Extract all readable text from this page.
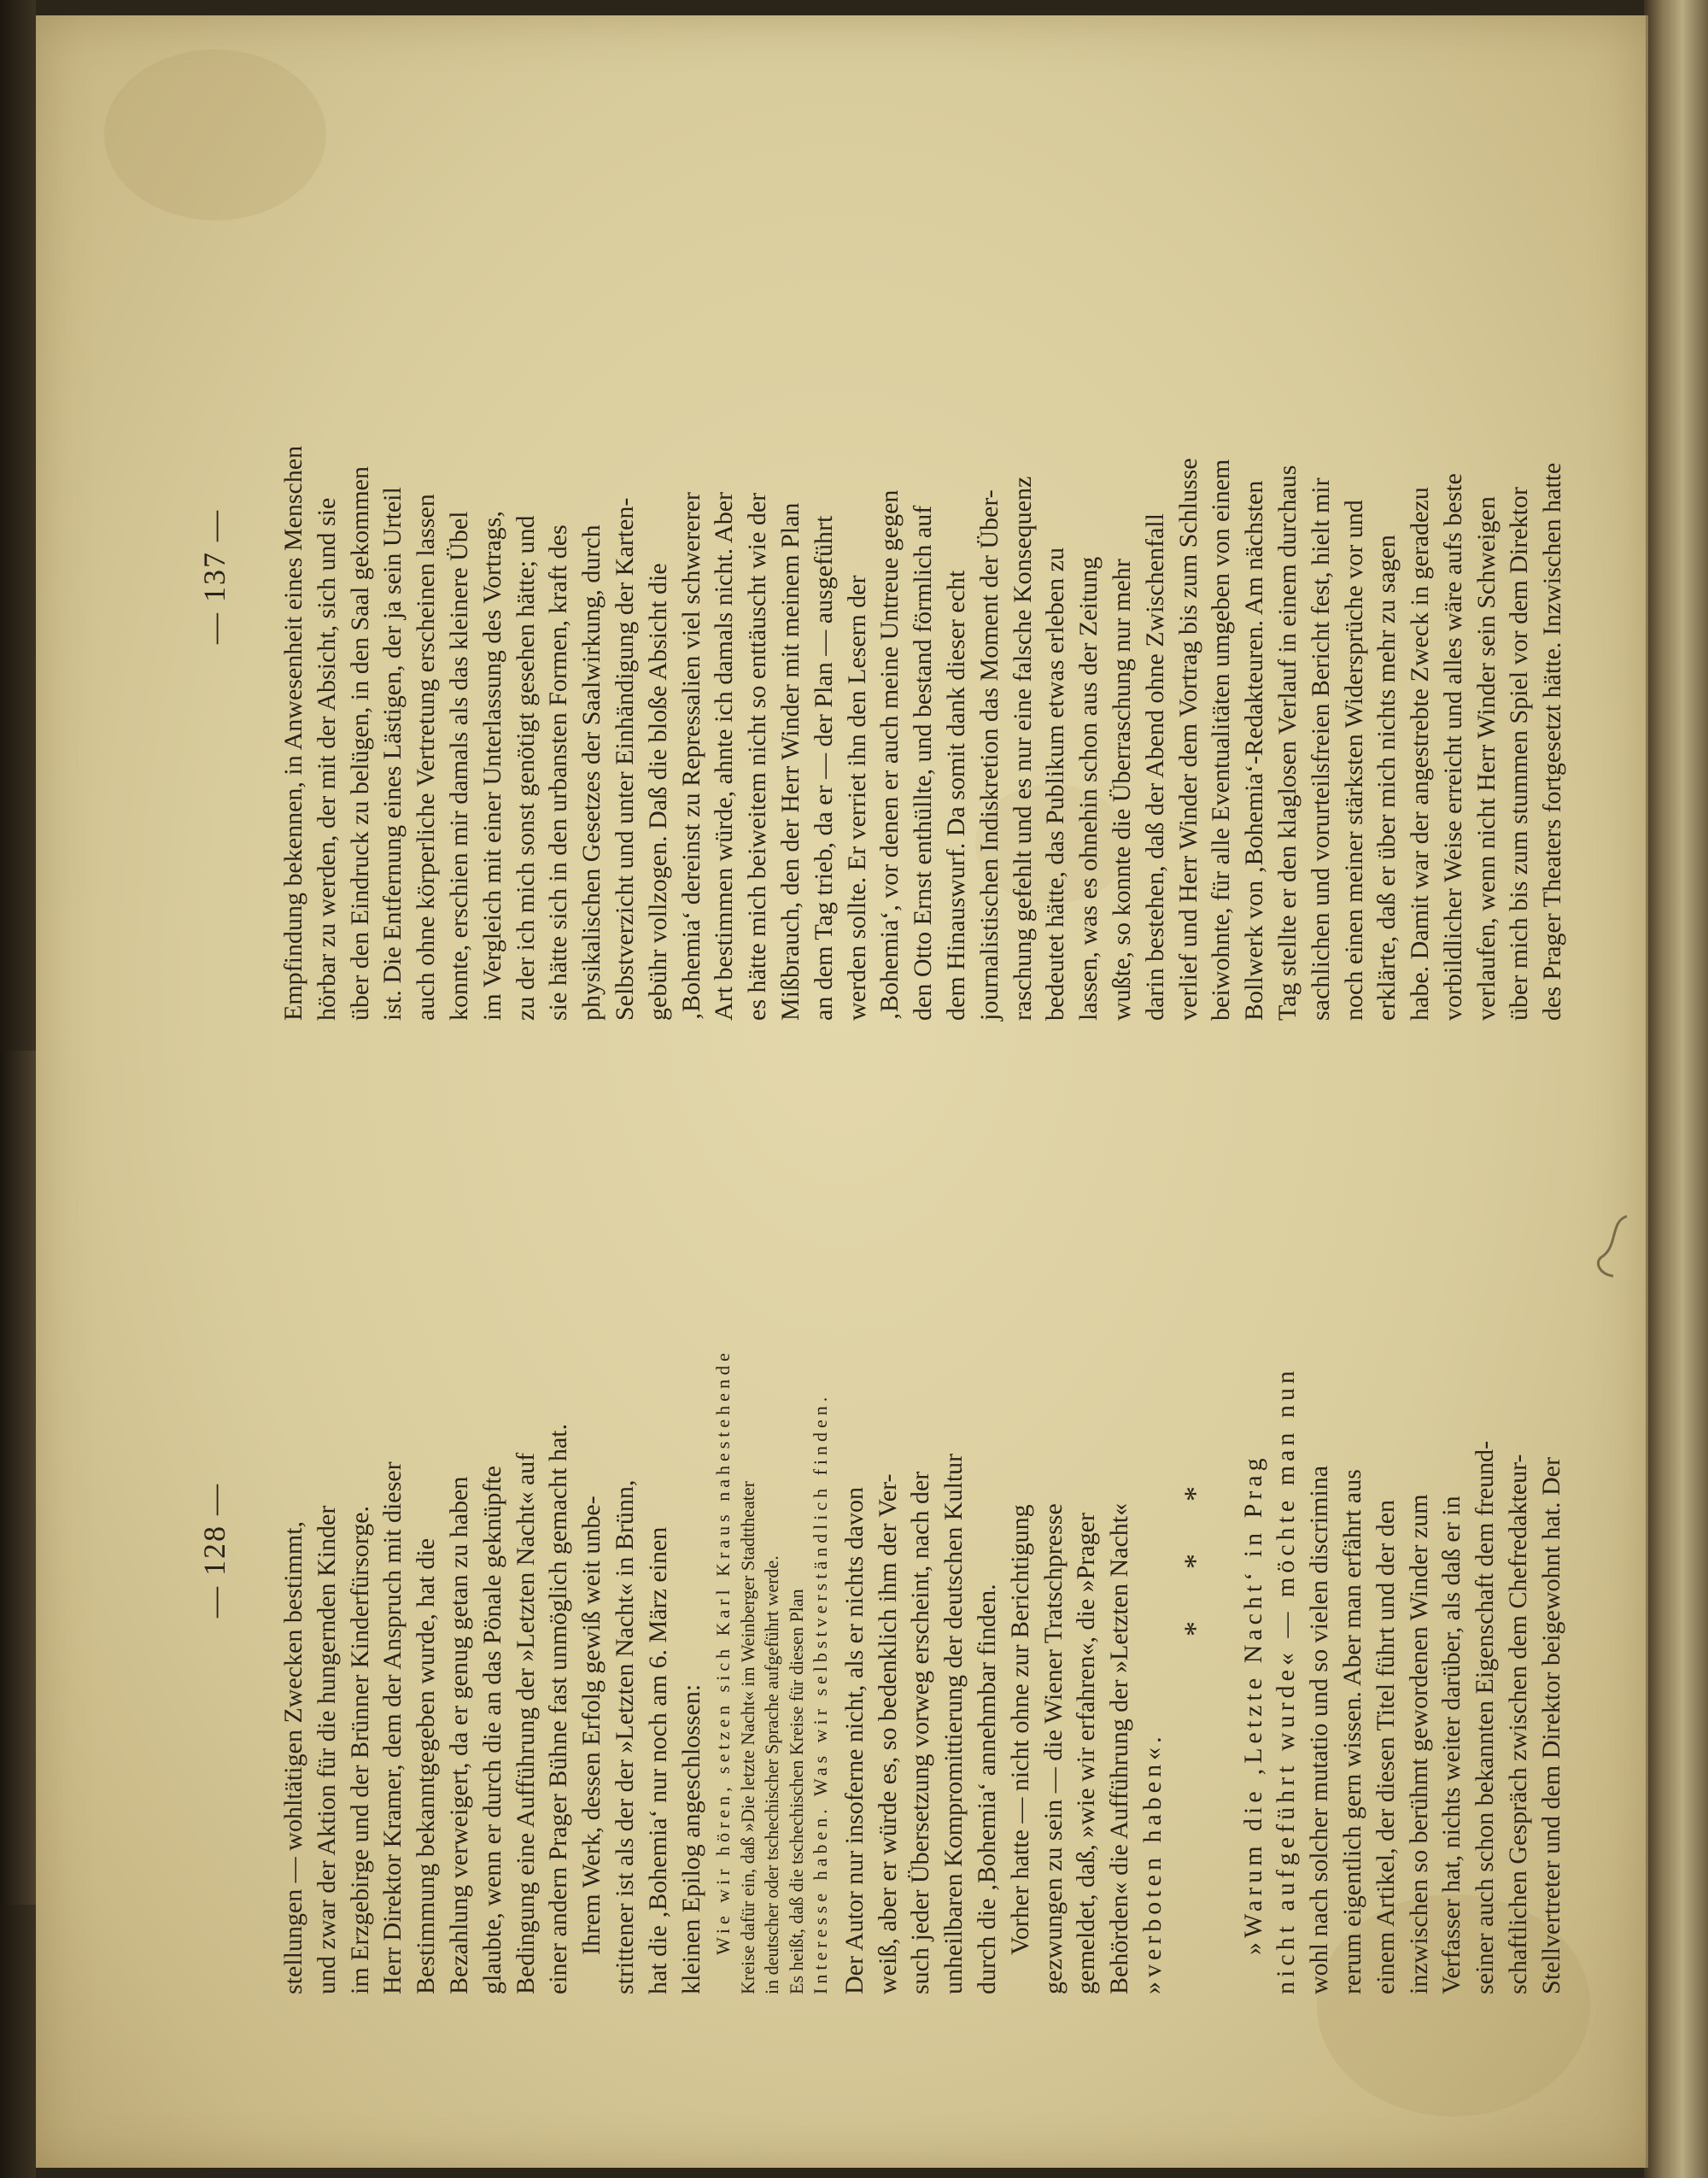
— 128 — stellungen — wohltätigen Zwecken bestimmt, und zwar der Aktion für die hungernden Kinder im Erzgebirge und der Brünner Kinderfürsorge. Herr Direktor Kramer, dem der Anspruch mit dieser Bestimmung bekanntgegeben wurde, hat die Bezahlung verweigert, da er genug getan zu haben glaubte, wenn er durch die an das Pönale geknüpfte Bedingung eine Aufführung der »Letzten Nacht« auf einer andern Prager Bühne fast unmöglich gemacht hat. Ihrem Werk, dessen Erfolg gewiß weit unbe- strittener ist als der der »Letzten Nacht« in Brünn, hat die ‚Bohemia‘ nur noch am 6. März einen kleinen Epilog angeschlossen: Wie wir hören, setzen sich Karl Kraus nahestehende Kreise dafür ein, daß »Die letzte Nacht« im Weinberger Stadttheater in deutscher oder tschechischer Sprache aufgeführt werde. Es heißt, daß die tschechischen Kreise für diesen Plan Interesse haben. Was wir selbstverständlich finden. Der Autor nur insoferne nicht, als er nichts davon weiß, aber er würde es, so bedenklich ihm der Ver- such jeder Übersetzung vorweg erscheint, nach der unheilbaren Kompromittierung der deutschen Kultur durch die ‚Bohemia‘ annehmbar finden. Vorher hatte — nicht ohne zur Berichtigung gezwungen zu sein — die Wiener Tratschpresse gemeldet, daß, »wie wir erfahren«, die »Prager Behörden« die Aufführung der »Letzten Nacht« »verboten haben«.

* * * »Warum die ‚Letzte Nacht‘ in Prag nicht aufgeführt wurde« — möchte man nun wohl nach solcher mutatio und so vielen discrimina rerum eigentlich gern wissen. Aber man erfährt aus einem Artikel, der diesen Titel führt und der den inzwischen so berühmt gewordenen Winder zum Verfasser hat, nichts weiter darüber, als daß er in seiner auch schon bekannten Eigenschaft dem freund- schaftlichen Gespräch zwischen dem Chefredakteur- Stellvertreter und dem Direktor beigewohnt hat. Der

— 137 — Empfindung bekennen, in Anwesenheit eines Menschen hörbar zu werden, der mit der Absicht, sich und sie über den Eindruck zu belügen, in den Saal gekommen ist. Die Entfernung eines Lästigen, der ja sein Urteil auch ohne körperliche Vertretung erscheinen lassen konnte, erschien mir damals als das kleinere Übel im Vergleich mit einer Unterlassung des Vortrags, zu der ich mich sonst genötigt gesehen hätte; und sie hätte sich in den urbansten Formen, kraft des physikalischen Gesetzes der Saalwirkung, durch Selbstverzicht und unter Einhändigung der Karten- gebühr vollzogen. Daß die bloße Absicht die ‚Bohemia‘ dereinst zu Repressalien viel schwererer Art bestimmen würde, ahnte ich damals nicht. Aber es hätte mich beiweitem nicht so enttäuscht wie der Mißbrauch, den der Herr Winder mit meinem Plan an dem Tag trieb, da er — der Plan — ausgeführt werden sollte. Er verriet ihn den Lesern der ‚Bohemia‘, vor denen er auch meine Untreue gegen den Otto Ernst enthüllte, und bestand förmlich auf dem Hinauswurf. Da somit dank dieser echt journalistischen Indiskretion das Moment der Über- raschung gefehlt und es nur eine falsche Konsequenz bedeutet hätte, das Publikum etwas erleben zu lassen, was es ohnehin schon aus der Zeitung wußte, so konnte die Überraschung nur mehr darin bestehen, daß der Abend ohne Zwischenfall verlief und Herr Winder dem Vortrag bis zum Schlusse beiwohnte, für alle Eventualitäten umgeben von einem Bollwerk von ‚Bohemia‘-Redakteuren. Am nächsten Tag stellte er den klaglosen Verlauf in einem durchaus sachlichen und vorurteilsfreien Bericht fest, hielt mir noch einen meiner stärksten Widersprüche vor und erklärte, daß er über mich nichts mehr zu sagen habe. Damit war der angestrebte Zweck in geradezu vorbildlicher Weise erreicht und alles wäre aufs beste verlaufen, wenn nicht Herr Winder sein Schweigen über mich bis zum stummen Spiel vor dem Direktor des Prager Theaters fortgesetzt hätte. Inzwischen hatte
